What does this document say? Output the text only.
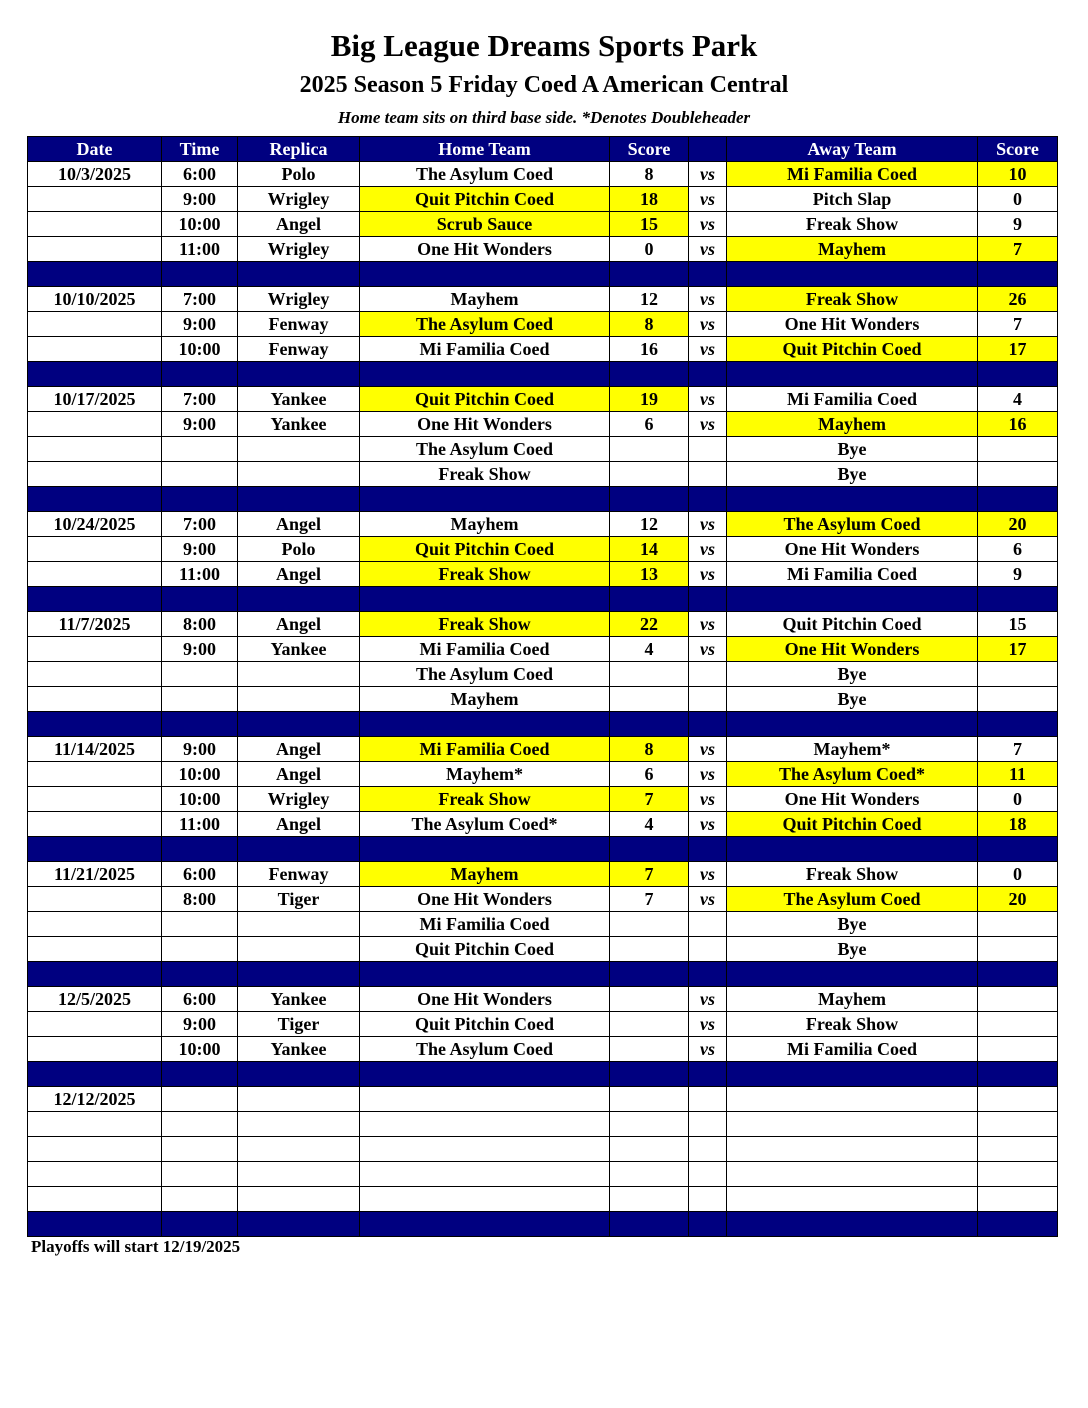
Big League Dreams Sports Park
2025 Season 5 Friday Coed A American Central
Home team sits on third base side. *Denotes Doubleheader
Date	Time	Replica	Home Team	Score		Away Team	Score
10/3/2025	6:00	Polo	The Asylum Coed	8	vs	Mi Familia Coed	10
	9:00	Wrigley	Quit Pitchin Coed	18	vs	Pitch Slap	0
	10:00	Angel	Scrub Sauce	15	vs	Freak Show	9
	11:00	Wrigley	One Hit Wonders	0	vs	Mayhem	7

10/10/2025	7:00	Wrigley	Mayhem	12	vs	Freak Show	26
	9:00	Fenway	The Asylum Coed	8	vs	One Hit Wonders	7
	10:00	Fenway	Mi Familia Coed	16	vs	Quit Pitchin Coed	17

10/17/2025	7:00	Yankee	Quit Pitchin Coed	19	vs	Mi Familia Coed	4
	9:00	Yankee	One Hit Wonders	6	vs	Mayhem	16
			The Asylum Coed			Bye	
			Freak Show			Bye	

10/24/2025	7:00	Angel	Mayhem	12	vs	The Asylum Coed	20
	9:00	Polo	Quit Pitchin Coed	14	vs	One Hit Wonders	6
	11:00	Angel	Freak Show	13	vs	Mi Familia Coed	9

11/7/2025	8:00	Angel	Freak Show	22	vs	Quit Pitchin Coed	15
	9:00	Yankee	Mi Familia Coed	4	vs	One Hit Wonders	17
			The Asylum Coed			Bye	
			Mayhem			Bye	

11/14/2025	9:00	Angel	Mi Familia Coed	8	vs	Mayhem*	7
	10:00	Angel	Mayhem*	6	vs	The Asylum Coed*	11
	10:00	Wrigley	Freak Show	7	vs	One Hit Wonders	0
	11:00	Angel	The Asylum Coed*	4	vs	Quit Pitchin Coed	18

11/21/2025	6:00	Fenway	Mayhem	7	vs	Freak Show	0
	8:00	Tiger	One Hit Wonders	7	vs	The Asylum Coed	20
			Mi Familia Coed			Bye	
			Quit Pitchin Coed			Bye	

12/5/2025	6:00	Yankee	One Hit Wonders		vs	Mayhem	
	9:00	Tiger	Quit Pitchin Coed		vs	Freak Show	
	10:00	Yankee	The Asylum Coed		vs	Mi Familia Coed	

12/12/2025							

Playoffs will start 12/19/2025
